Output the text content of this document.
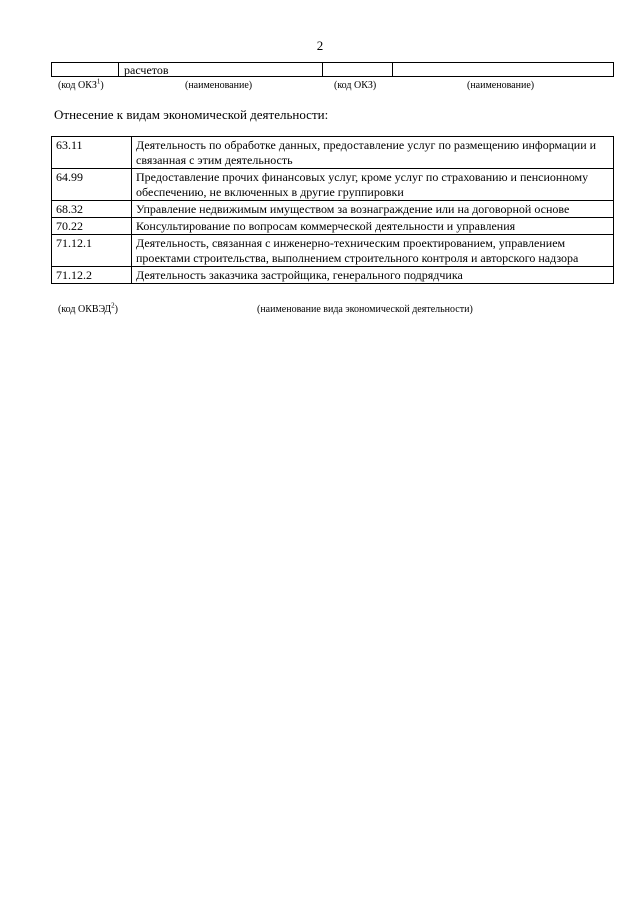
2
расчетов
(код ОКЗ$^1$)	(наименование)	(код ОКЗ)	(наименование)
Отнесение к видам экономической деятельности:
63.11	Деятельность по обработке данных, предоставление услуг по размещению информации и связанная с этим деятельность
64.99	Предоставление прочих финансовых услуг, кроме услуг по страхованию и пенсионному обеспечению, не включенных в другие группировки
68.32	Управление недвижимым имуществом за вознаграждение или на договорной основе
70.22	Консультирование по вопросам коммерческой деятельности и управления
71.12.1	Деятельность, связанная с инженерно-техническим проектированием, управлением проектами строительства, выполнением строительного контроля и авторского надзора
71.12.2	Деятельность заказчика застройщика, генерального подрядчика
(код ОКВЭД$^2$)	(наименование вида экономической деятельности)
